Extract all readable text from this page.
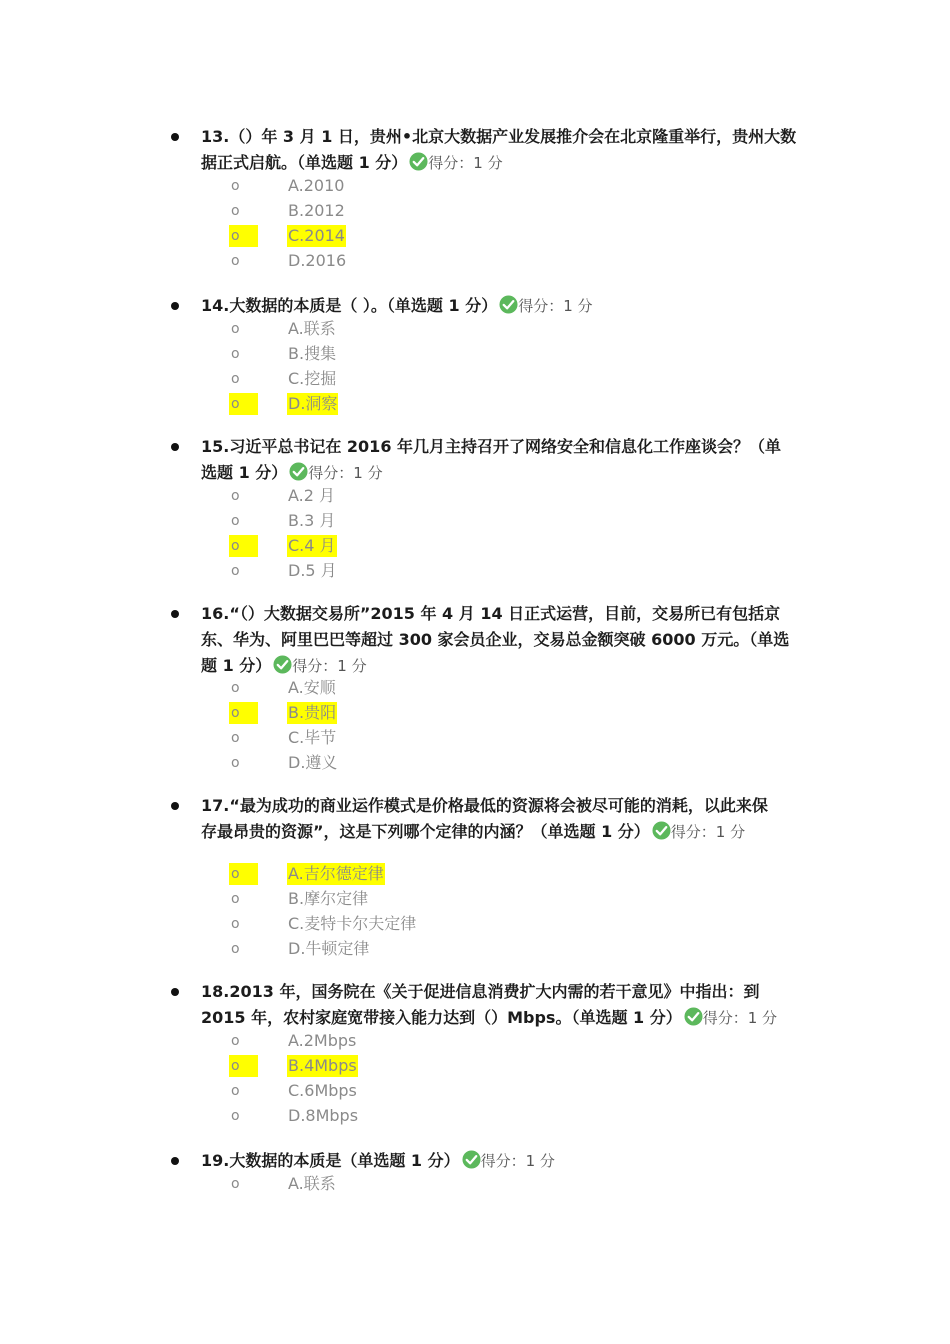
13.（）年 3 月 1 日，贵州•北京大数据产业发展推介会在北京隆重举行，贵州大数
据正式启航。（单选题 1 分） 得分：1 分

o	A.2010
o	B.2012
o	C.2014
o	D.2016

14.大数据的本质是（ ）。（单选题 1 分） 得分：1 分

o	A.联系
o	B.搜集
o	C.挖掘
o	D.洞察

15.习近平总书记在 2016 年几月主持召开了网络安全和信息化工作座谈会？（单
选题 1 分） 得分：1 分

o	A.2 月
o	B.3 月
o	C.4 月
o	D.5 月

16.“（）大数据交易所”2015 年 4 月 14 日正式运营，目前，交易所已有包括京
东、华为、阿里巴巴等超过 300 家会员企业，交易总金额突破 6000 万元。（单选
题 1 分） 得分：1 分

o	A.安顺
o	B.贵阳
o	C.毕节
o	D.遵义

17.“最为成功的商业运作模式是价格最低的资源将会被尽可能的消耗，以此来保
存最昂贵的资源”，这是下列哪个定律的内涵？（单选题 1 分） 得分：1 分

o	A.吉尔德定律
o	B.摩尔定律
o	C.麦特卡尔夫定律
o	D.牛顿定律

18.2013 年，国务院在《关于促进信息消费扩大内需的若干意见》中指出：到
2015 年，农村家庭宽带接入能力达到（）Mbps。（单选题 1 分） 得分：1 分

o	A.2Mbps
o	B.4Mbps
o	C.6Mbps
o	D.8Mbps

19.大数据的本质是（单选题 1 分） 得分：1 分

o	A.联系
